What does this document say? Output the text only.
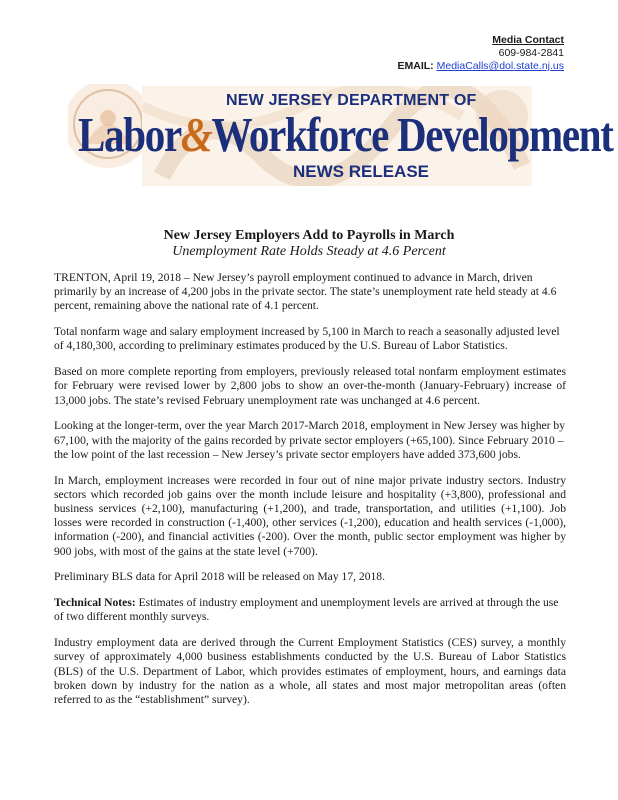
Media Contact
609-984-2841
EMAIL: MediaCalls@dol.state.nj.us
NEW JERSEY DEPARTMENT OF
Labor&Workforce Development
NEWS RELEASE
New Jersey Employers Add to Payrolls in March
Unemployment Rate Holds Steady at 4.6 Percent

TRENTON, April 19, 2018 – New Jersey’s payroll employment continued to advance in March, driven primarily by an increase of 4,200 jobs in the private sector. The state’s unemployment rate held steady at 4.6 percent, remaining above the national rate of 4.1 percent.

Total nonfarm wage and salary employment increased by 5,100 in March to reach a seasonally adjusted level of 4,180,300, according to preliminary estimates produced by the U.S. Bureau of Labor Statistics.

Based on more complete reporting from employers, previously released total nonfarm employment estimates for February were revised lower by 2,800 jobs to show an over-the-month (January-February) increase of 13,000 jobs. The state’s revised February unemployment rate was unchanged at 4.6 percent.

Looking at the longer-term, over the year March 2017-March 2018, employment in New Jersey was higher by 67,100, with the majority of the gains recorded by private sector employers (+65,100). Since February 2010 – the low point of the last recession – New Jersey’s private sector employers have added 373,600 jobs.

In March, employment increases were recorded in four out of nine major private industry sectors. Industry sectors which recorded job gains over the month include leisure and hospitality (+3,800), professional and business services (+2,100), manufacturing (+1,200), and trade, transportation, and utilities (+1,100). Job losses were recorded in construction (-1,400), other services (-1,200), education and health services (-1,000), information (-200), and financial activities (-200). Over the month, public sector employment was higher by 900 jobs, with most of the gains at the state level (+700).

Preliminary BLS data for April 2018 will be released on May 17, 2018.

Technical Notes: Estimates of industry employment and unemployment levels are arrived at through the use of two different monthly surveys.

Industry employment data are derived through the Current Employment Statistics (CES) survey, a monthly survey of approximately 4,000 business establishments conducted by the U.S. Bureau of Labor Statistics (BLS) of the U.S. Department of Labor, which provides estimates of employment, hours, and earnings data broken down by industry for the nation as a whole, all states and most major metropolitan areas (often referred to as the “establishment” survey).
